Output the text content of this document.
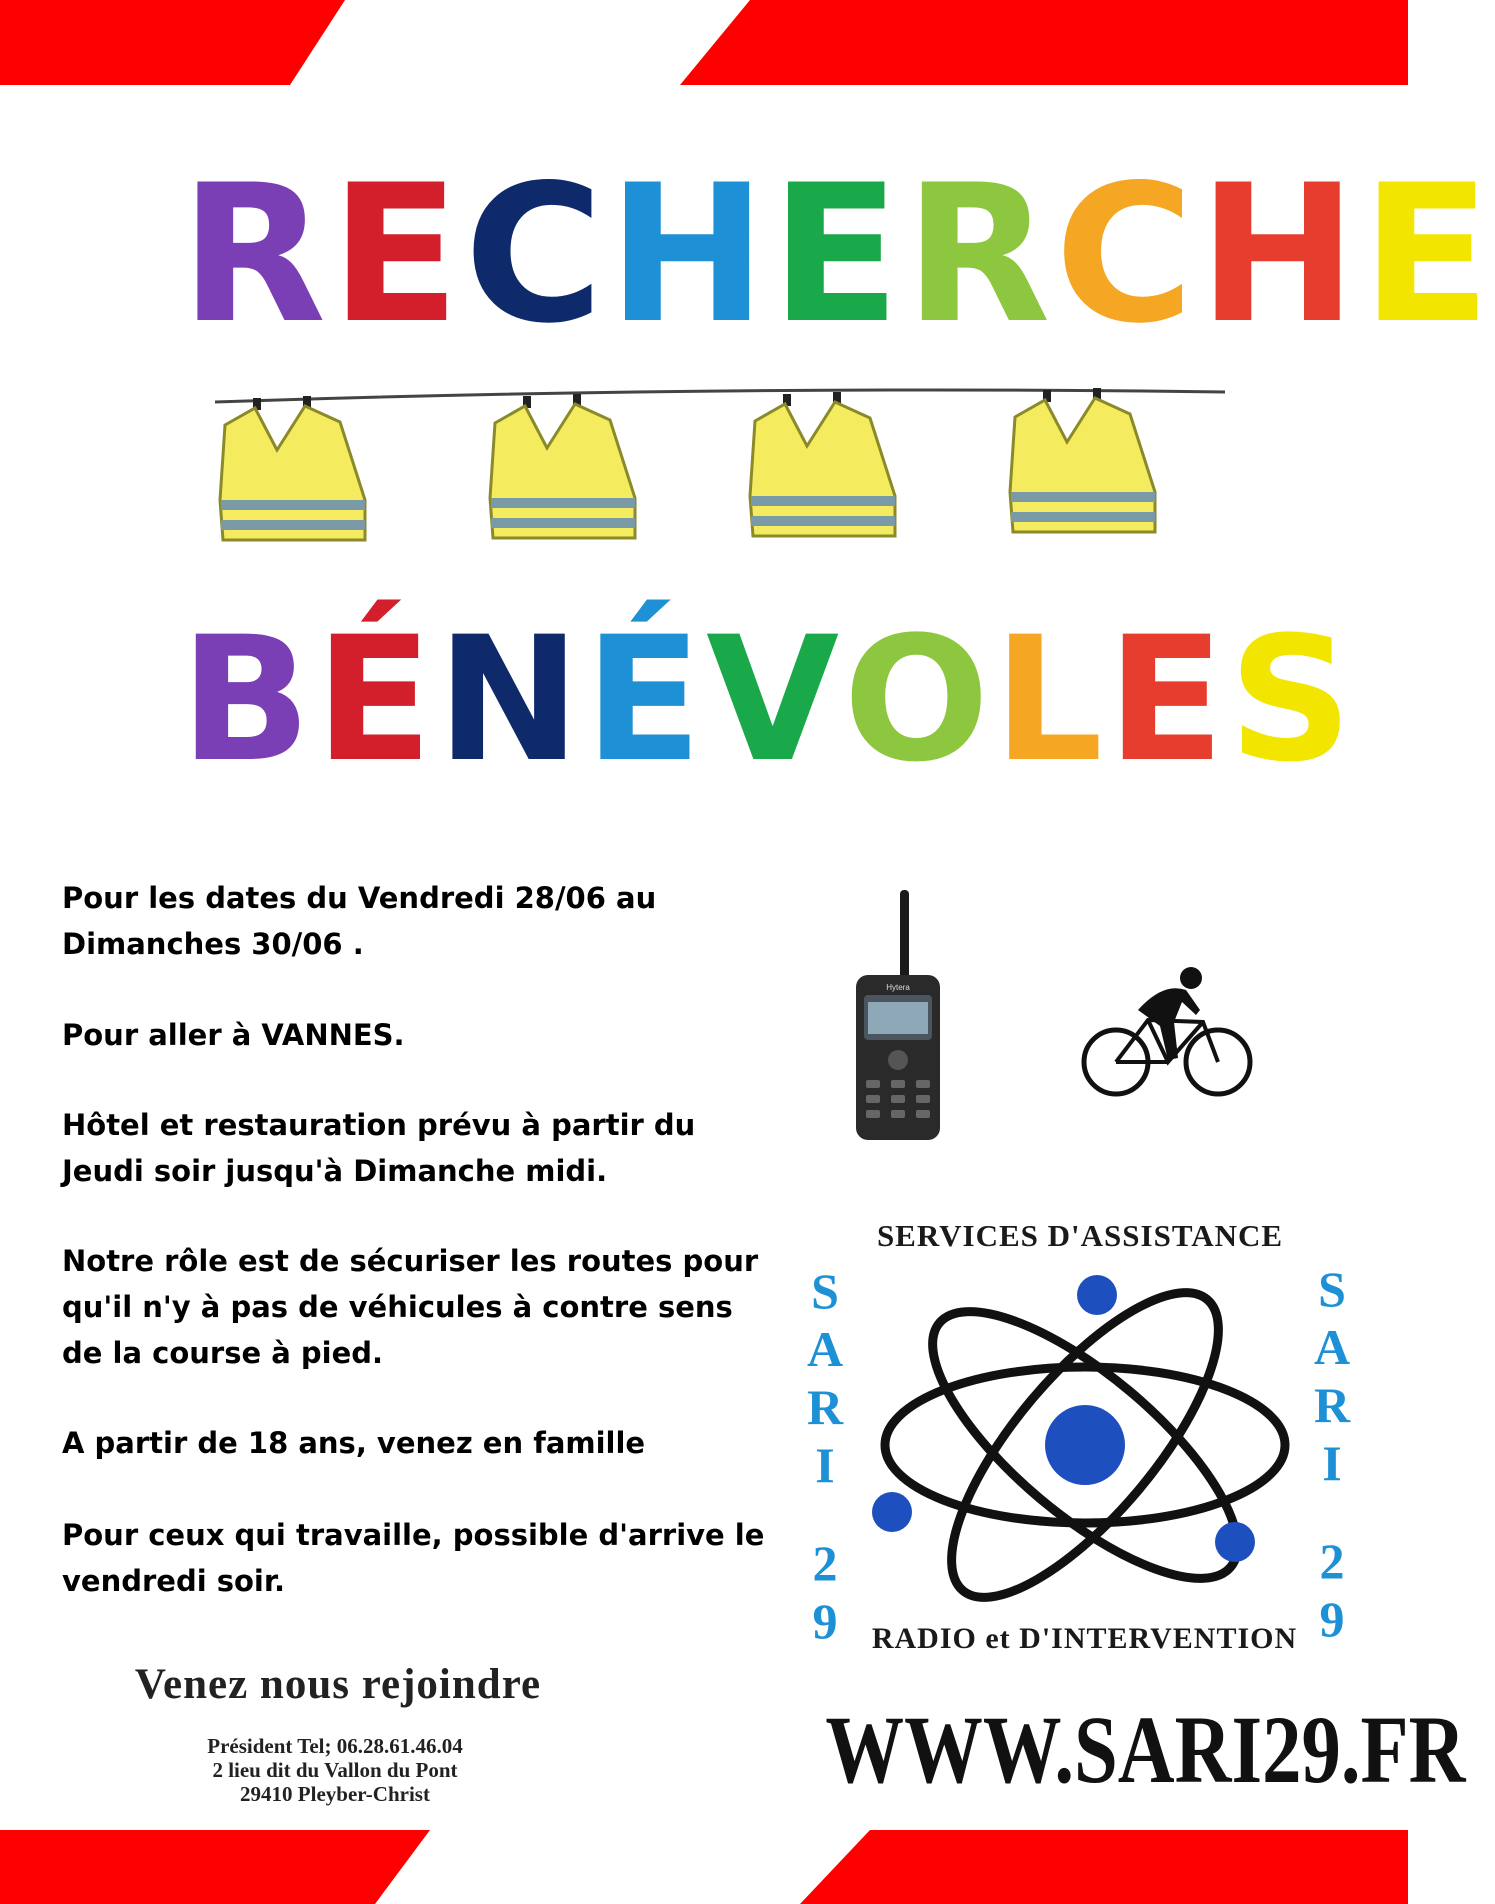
RECHERCHE
BÉNÉVOLES

Pour les dates du Vendredi 28/06 au Dimanches 30/06 .

Pour aller à VANNES.

Hôtel et restauration prévu à partir du Jeudi soir jusqu'à Dimanche midi.

Notre rôle est de sécuriser les routes pour qu'il n'y à pas de véhicules à contre sens de la course à pied.

A partir de 18 ans, venez en famille

Pour ceux qui travaille, possible d'arrive le vendredi soir.

Hytera
SERVICES D'ASSISTANCE
S
A
R
I
2
9
S
A
R
I
2
9
RADIO et D'INTERVENTION
WWW.SARI29.FR
Venez nous rejoindre

Président Tel; 06.28.61.46.04

2 lieu dit du Vallon du Pont

29410 Pleyber-Christ
